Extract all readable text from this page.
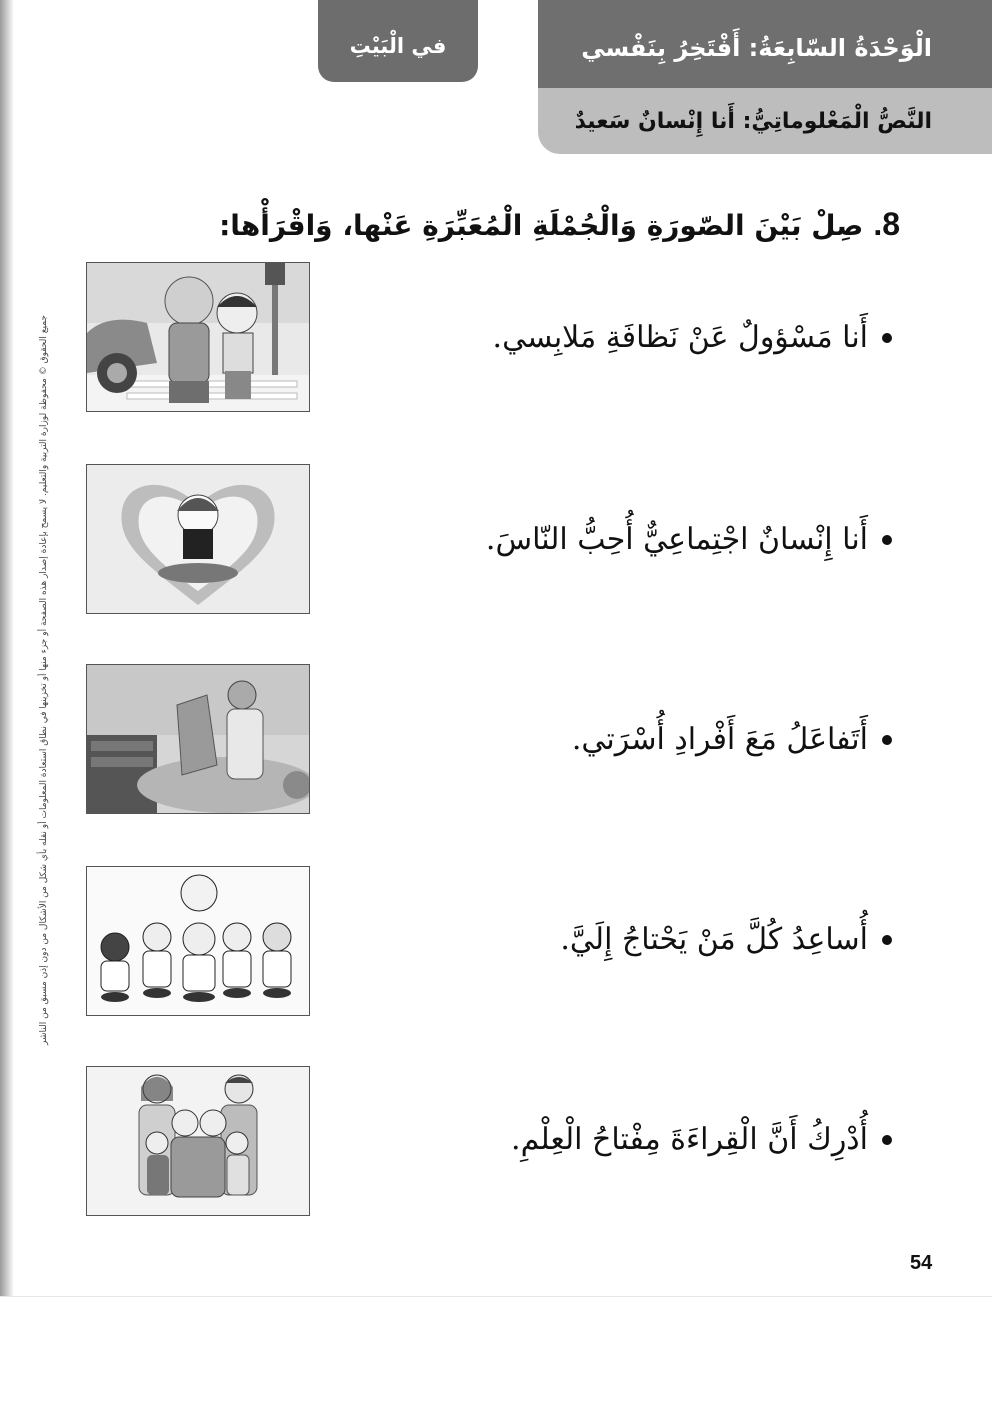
في الْبَيْتِ	الْوَحْدَةُ السّابِعَةُ: أَفْتَخِرُ بِنَفْسي
النَّصُّ الْمَعْلوماتِيُّ: أَنا إِنْسانٌ سَعيدٌ
8.صِلْ بَيْنَ الصّورَةِ وَالْجُمْلَةِ الْمُعَبِّرَةِ عَنْها، وَاقْرَأْها:
جميع الحقوق © محفوظة لوزارة التربية والتعليم. لا يسمح بإعادة إصدار هذه الصفحة أو جزء منها أو تخزينها في نطاق استعادة المعلومات أو نقله بأي شكل من الأشكال من دون إذن مسبق من الناشر	أَنا مَسْؤولٌ عَنْ نَظافَةِ مَلابِسي.
أَنا إِنْسانٌ اجْتِماعِيٌّ أُحِبُّ النّاسَ.
أَتَفاعَلُ مَعَ أَفْرادِ أُسْرَتي.
أُساعِدُ كُلَّ مَنْ يَحْتاجُ إِلَيَّ.
أُدْرِكُ أَنَّ الْقِراءَةَ مِفْتاحُ الْعِلْمِ.
54
